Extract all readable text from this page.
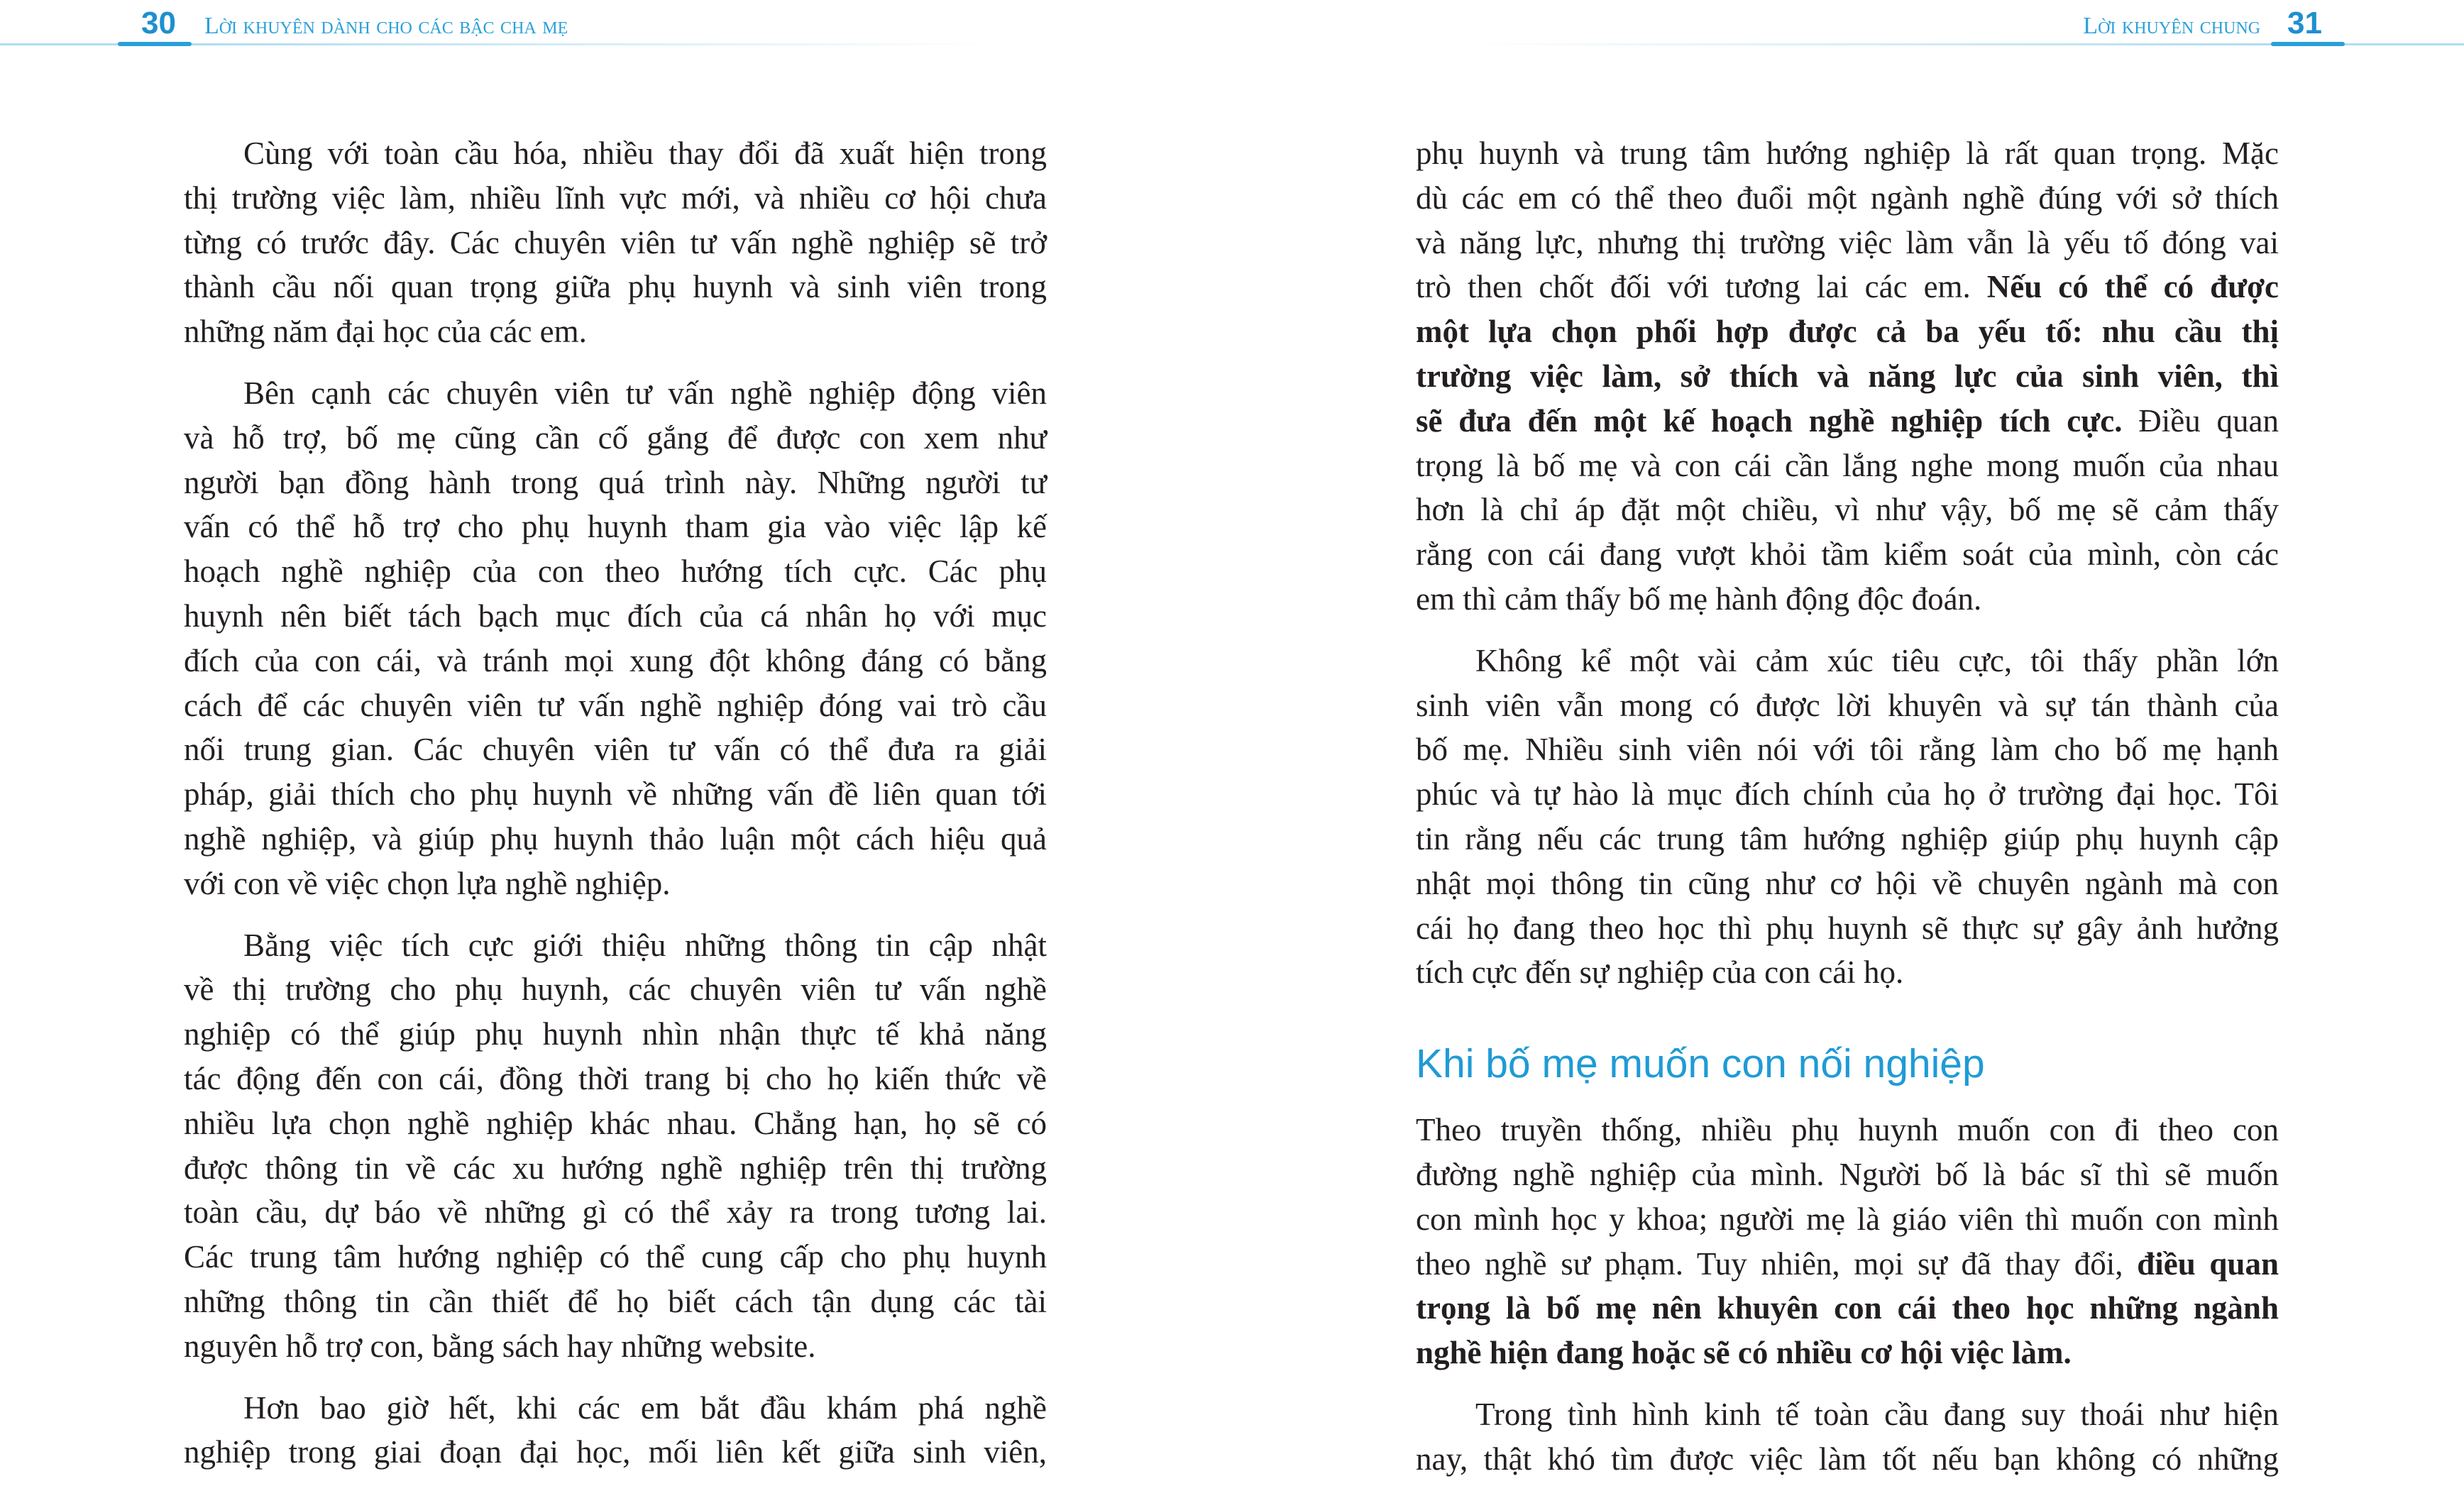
30 Lời khuyên dành cho các bậc cha mẹ
Cùng với toàn cầu hóa, nhiều thay đổi đã xuất hiện trong
thị trường việc làm, nhiều lĩnh vực mới, và nhiều cơ hội chưa
từng có trước đây. Các chuyên viên tư vấn nghề nghiệp sẽ trở
thành cầu nối quan trọng giữa phụ huynh và sinh viên trong
những năm đại học của các em.
Bên cạnh các chuyên viên tư vấn nghề nghiệp động viên
và hỗ trợ, bố mẹ cũng cần cố gắng để được con xem như
người bạn đồng hành trong quá trình này. Những người tư
vấn có thể hỗ trợ cho phụ huynh tham gia vào việc lập kế
hoạch nghề nghiệp của con theo hướng tích cực. Các phụ
huynh nên biết tách bạch mục đích của cá nhân họ với mục
đích của con cái, và tránh mọi xung đột không đáng có bằng
cách để các chuyên viên tư vấn nghề nghiệp đóng vai trò cầu
nối trung gian. Các chuyên viên tư vấn có thể đưa ra giải
pháp, giải thích cho phụ huynh về những vấn đề liên quan tới
nghề nghiệp, và giúp phụ huynh thảo luận một cách hiệu quả
với con về việc chọn lựa nghề nghiệp.
Bằng việc tích cực giới thiệu những thông tin cập nhật
về thị trường cho phụ huynh, các chuyên viên tư vấn nghề
nghiệp có thể giúp phụ huynh nhìn nhận thực tế khả năng
tác động đến con cái, đồng thời trang bị cho họ kiến thức về
nhiều lựa chọn nghề nghiệp khác nhau. Chẳng hạn, họ sẽ có
được thông tin về các xu hướng nghề nghiệp trên thị trường
toàn cầu, dự báo về những gì có thể xảy ra trong tương lai.
Các trung tâm hướng nghiệp có thể cung cấp cho phụ huynh
những thông tin cần thiết để họ biết cách tận dụng các tài
nguyên hỗ trợ con, bằng sách hay những website.
Hơn bao giờ hết, khi các em bắt đầu khám phá nghề
nghiệp trong giai đoạn đại học, mối liên kết giữa sinh viên,
Lời khuyên chung 31
phụ huynh và trung tâm hướng nghiệp là rất quan trọng. Mặc
dù các em có thể theo đuổi một ngành nghề đúng với sở thích
và năng lực, nhưng thị trường việc làm vẫn là yếu tố đóng vai
trò then chốt đối với tương lai các em. Nếu có thể có được
một lựa chọn phối hợp được cả ba yếu tố: nhu cầu thị
trường việc làm, sở thích và năng lực của sinh viên, thì
sẽ đưa đến một kế hoạch nghề nghiệp tích cực. Điều quan
trọng là bố mẹ và con cái cần lắng nghe mong muốn của nhau
hơn là chỉ áp đặt một chiều, vì như vậy, bố mẹ sẽ cảm thấy
rằng con cái đang vượt khỏi tầm kiểm soát của mình, còn các
em thì cảm thấy bố mẹ hành động độc đoán.
Không kể một vài cảm xúc tiêu cực, tôi thấy phần lớn
sinh viên vẫn mong có được lời khuyên và sự tán thành của
bố mẹ. Nhiều sinh viên nói với tôi rằng làm cho bố mẹ hạnh
phúc và tự hào là mục đích chính của họ ở trường đại học. Tôi
tin rằng nếu các trung tâm hướng nghiệp giúp phụ huynh cập
nhật mọi thông tin cũng như cơ hội về chuyên ngành mà con
cái họ đang theo học thì phụ huynh sẽ thực sự gây ảnh hưởng
tích cực đến sự nghiệp của con cái họ.
Khi bố mẹ muốn con nối nghiệp
Theo truyền thống, nhiều phụ huynh muốn con đi theo con
đường nghề nghiệp của mình. Người bố là bác sĩ thì sẽ muốn
con mình học y khoa; người mẹ là giáo viên thì muốn con mình
theo nghề sư phạm. Tuy nhiên, mọi sự đã thay đổi, điều quan
trọng là bố mẹ nên khuyên con cái theo học những ngành
nghề hiện đang hoặc sẽ có nhiều cơ hội việc làm.
Trong tình hình kinh tế toàn cầu đang suy thoái như hiện
nay, thật khó tìm được việc làm tốt nếu bạn không có những
